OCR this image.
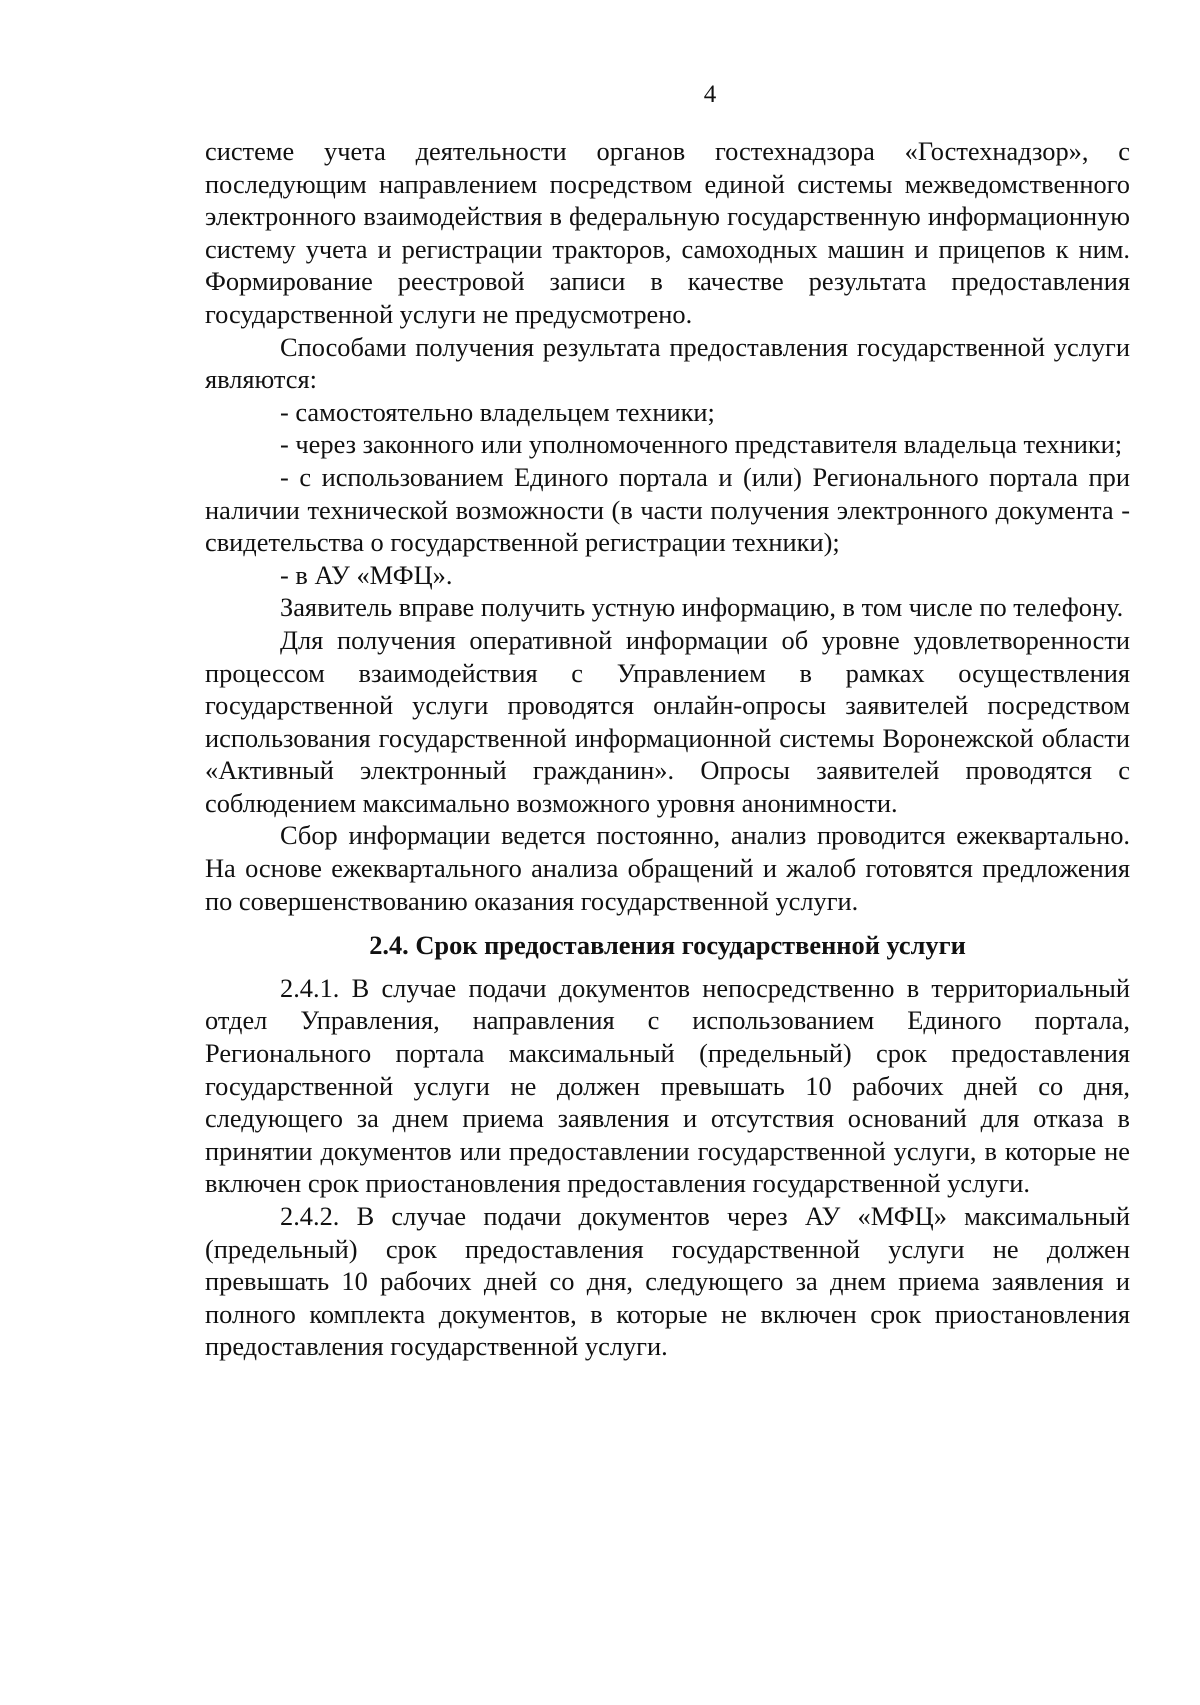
4

системе учета деятельности органов гостехнадзора «Гостехнадзор», с последующим направлением посредством единой системы межведомственного электронного взаимодействия в федеральную государственную информационную систему учета и регистрации тракторов, самоходных машин и прицепов к ним. Формирование реестровой записи в качестве результата предоставления государственной услуги не предусмотрено.

Способами получения результата предоставления государственной услуги являются:

- самостоятельно владельцем техники;

- через законного или уполномоченного представителя владельца техники;

- с использованием Единого портала и (или) Регионального портала при наличии технической возможности (в части получения электронного документа - свидетельства о государственной регистрации техники);

- в АУ «МФЦ».

Заявитель вправе получить устную информацию, в том числе по телефону.

Для получения оперативной информации об уровне удовлетворенности процессом взаимодействия с Управлением в рамках осуществления государственной услуги проводятся онлайн-опросы заявителей посредством использования государственной информационной системы Воронежской области «Активный электронный гражданин». Опросы заявителей проводятся с соблюдением максимально возможного уровня анонимности.

Сбор информации ведется постоянно, анализ проводится ежеквартально. На основе ежеквартального анализа обращений и жалоб готовятся предложения по совершенствованию оказания государственной услуги.

2.4. Срок предоставления государственной услуги

2.4.1. В случае подачи документов непосредственно в территориальный отдел Управления, направления с использованием Единого портала, Регионального портала максимальный (предельный) срок предоставления государственной услуги не должен превышать 10 рабочих дней со дня, следующего за днем приема заявления и отсутствия оснований для отказа в принятии документов или предоставлении государственной услуги, в которые не включен срок приостановления предоставления государственной услуги.

2.4.2. В случае подачи документов через АУ «МФЦ» максимальный (предельный) срок предоставления государственной услуги не должен превышать 10 рабочих дней со дня, следующего за днем приема заявления и полного комплекта документов, в которые не включен срок приостановления предоставления государственной услуги.
